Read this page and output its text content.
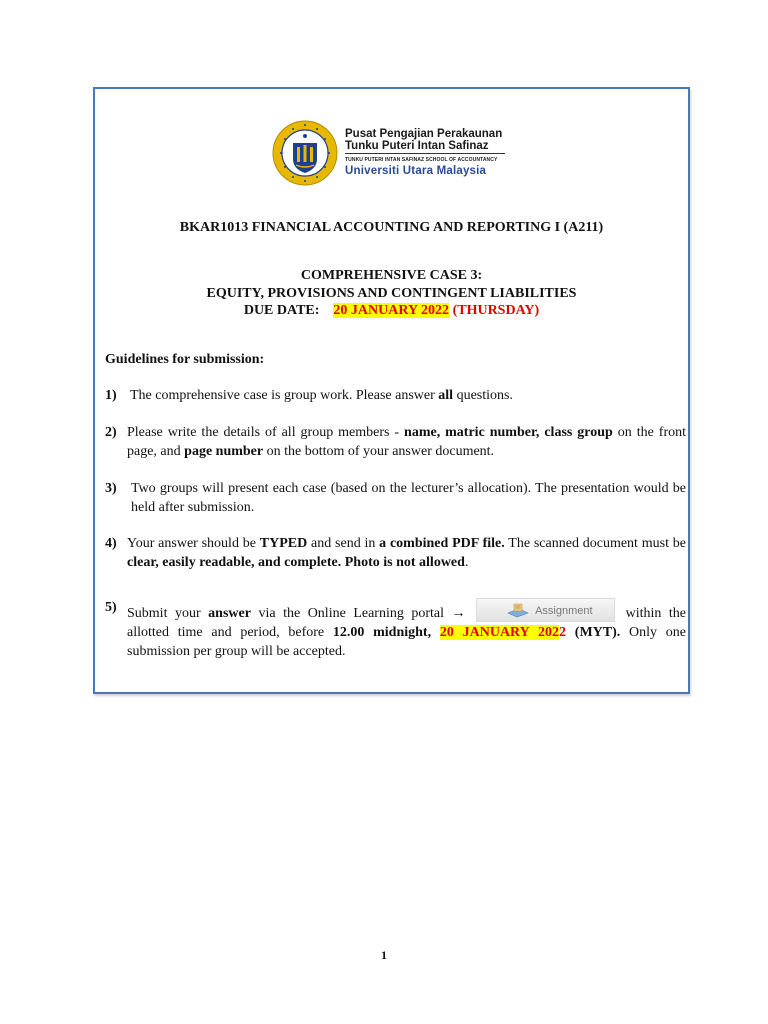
Pusat Pengajian Perakaunan
Tunku Puteri Intan Safinaz
TUNKU PUTERI INTAN SAFINAZ SCHOOL OF ACCOUNTANCY
Universiti Utara Malaysia
BKAR1013 FINANCIAL ACCOUNTING AND REPORTING I (A211)
COMPREHENSIVE CASE 3:
EQUITY, PROVISIONS AND CONTINGENT LIABILITIES
DUE DATE: 20 JANUARY 2022 (THURSDAY)
Guidelines for submission:
1) The comprehensive case is group work. Please answer all questions.
2) Please write the details of all group members - name, matric number, class group on the front page, and page number on the bottom of your answer document.
3) Two groups will present each case (based on the lecturer’s allocation). The presentation would be held after submission.
4) Your answer should be TYPED and send in a combined PDF file. The scanned document must be clear, easily readable, and complete. Photo is not allowed.
5) Submit your answer via the Online Learning portal →	Assignment within the allotted time and period, before 12.00 midnight, 20 JANUARY 2022 (MYT). Only one submission per group will be accepted.
1
